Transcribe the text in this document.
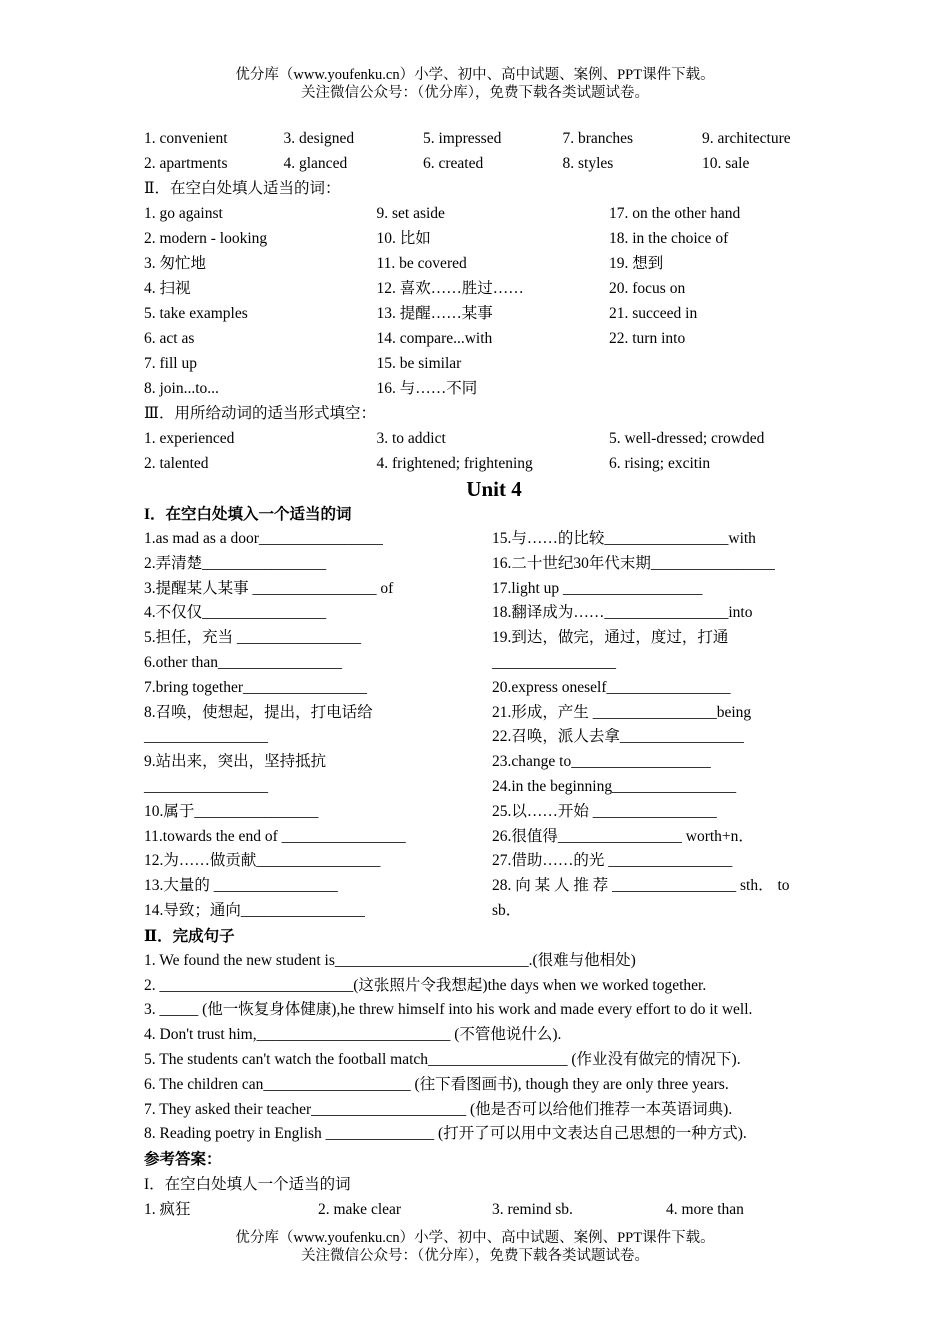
优分库（www.youfenku.cn）小学、初中、高中试题、案例、PPT课件下载。
关注微信公众号：（优分库），免费下载各类试题试卷。
1. convenient	3. designed	5. impressed	7. branches	9. architecture
2. apartments	4. glanced	6. created	8. styles	10. sale
Ⅱ．在空白处填人适当的词：
1. go against	9. set aside	17. on the other hand
2. modern - looking	10. 比如	18. in the choice of
3. 匆忙地	11. be covered	19. 想到
4. 扫视	12. 喜欢……胜过……	20. focus on
5. take examples	13. 提醒……某事	21. succeed in
6. act as	14. compare...with	22. turn into
7. fill up	15. be similar
8. join...to...	16. 与……不同
Ⅲ．用所给动词的适当形式填空：
1. experienced	3. to addict	5. well-dressed; crowded
2. talented	4. frightened; frightening	6. rising; excitin
Unit 4
I．在空白处填入一个适当的词
1.as mad as a door________________
2.弄清楚________________
3.提醒某人某事 ________________ of
4.不仅仅________________
5.担任，充当 ________________
6.other than________________
7.bring together________________
8.召唤，使想起，提出，打电话给
________________
9.站出来，突出，坚持抵抗
________________
10.属于________________
11.towards the end of ________________
12.为……做贡献________________
13.大量的 ________________
14.导致；通向________________
15.与……的比较________________with
16.二十世纪30年代末期________________
17.light up __________________
18.翻译成为……________________into
19.到达，做完，通过，度过，打通
________________
20.express oneself________________
21.形成，产生 ________________being
22.召唤，派人去拿________________
23.change to__________________
24.in the beginning________________
25.以……开始 ________________
26.很值得________________ worth+n．
27.借助……的光 ________________
28. 向 某 人 推 荐 ________________ sth． to
sb．
Ⅱ．完成句子
1. We found the new student is_________________________.(很难与他相处)
2. _________________________(这张照片令我想起)the days when we worked together.
3. _____ (他一恢复身体健康),he threw himself into his work and made every effort to do it well.
4. Don't trust him,_________________________ (不管他说什么).
5. The students can't watch the football match__________________ (作业没有做完的情况下).
6. The children can___________________ (往下看图画书), though they are only three years.
7. They asked their teacher____________________ (他是否可以给他们推荐一本英语词典).
8. Reading poetry in English ______________ (打开了可以用中文表达自己思想的一种方式).
参考答案：
I．在空白处填人一个适当的词
1. 疯狂	2. make clear	3. remind sb.	4. more than
优分库（www.youfenku.cn）小学、初中、高中试题、案例、PPT课件下载。
关注微信公众号：（优分库），免费下载各类试题试卷。
